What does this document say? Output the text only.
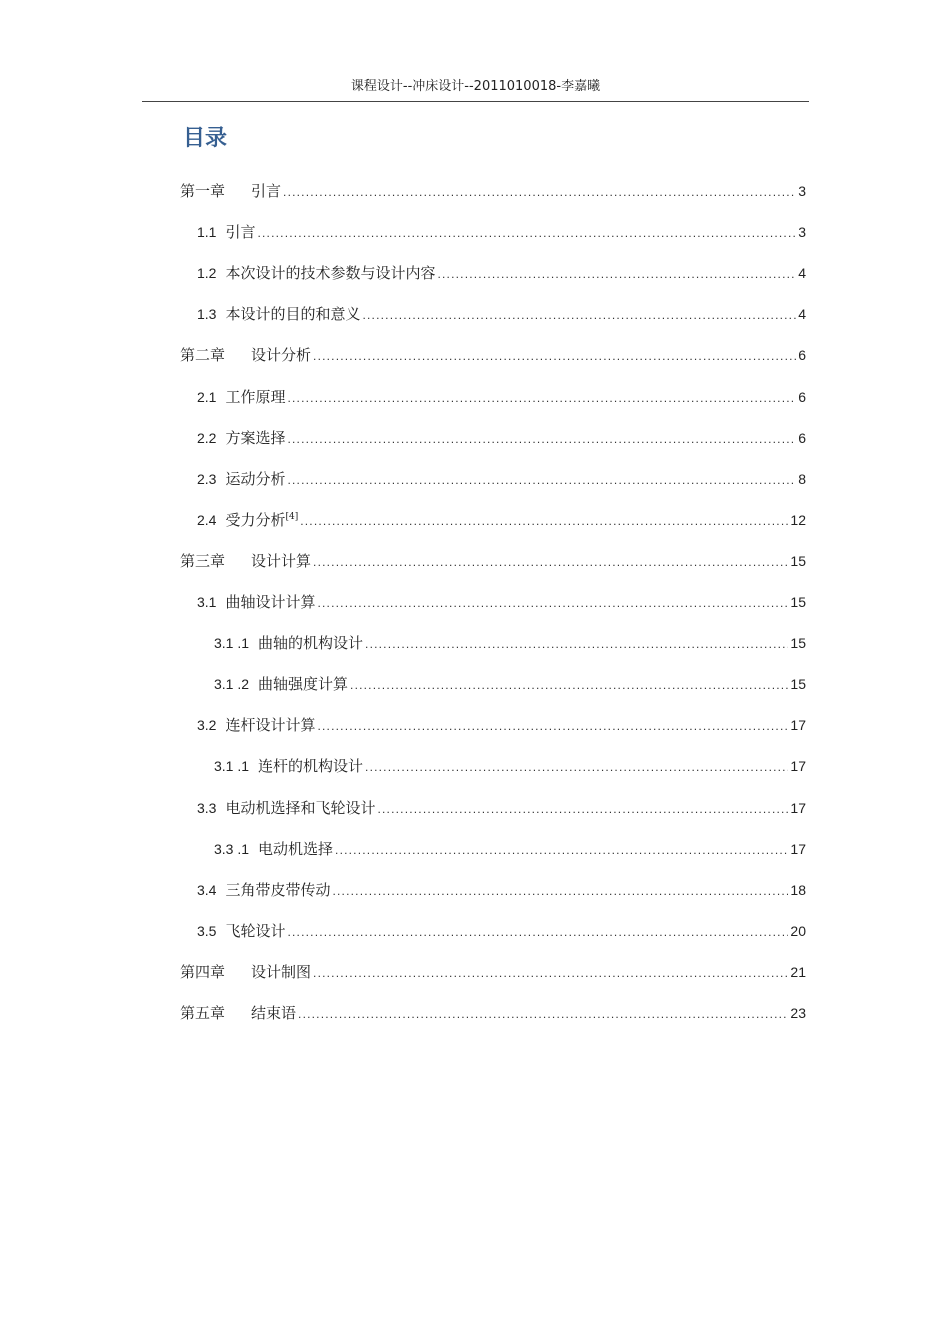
课程设计--冲床设计--2011010018-李嘉曦
目录
第一章 引言 .....	3
1.1 引言 .....	3
1.2 本次设计的技术参数与设计内容 .....	4
1.3 本设计的目的和意义 .....	4
第二章 设计分析 .....	6
2.1 工作原理 .....	6
2.2 方案选择 .....	6
2.3 运动分析 .....	8
2.4 受力分析[4] .....	12
第三章 设计计算 .....	15
3.1 曲轴设计计算 .....	15
3.1 .1 曲轴的机构设计 .....	15
3.1 .2 曲轴强度计算 .....	15
3.2 连杆设计计算 .....	17
3.1 .1 连杆的机构设计 .....	17
3.3 电动机选择和飞轮设计 .....	17
3.3 .1 电动机选择 .....	17
3.4 三角带皮带传动 .....	18
3.5 飞轮设计 .....	20
第四章 设计制图 .....	21
第五章 结束语 .....	23
